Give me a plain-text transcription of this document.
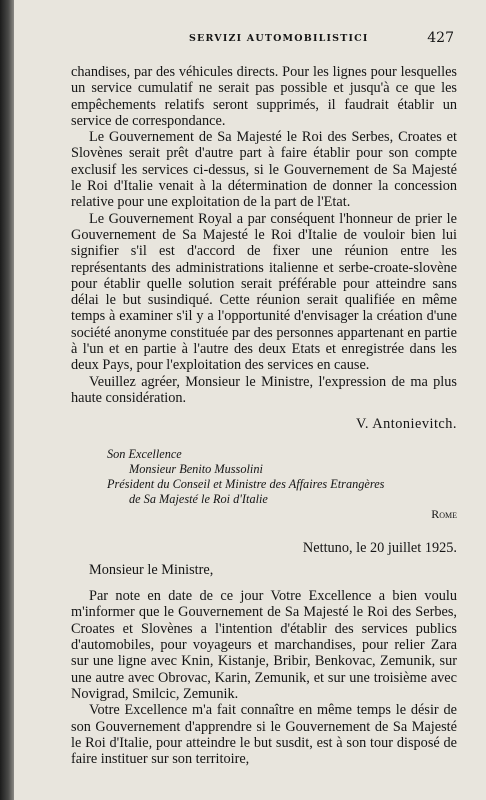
SERVIZI AUTOMOBILISTICI	427

chandises, par des véhicules directs. Pour les lignes pour lesquelles un service cumulatif ne serait pas possible et jusqu'à ce que les empêchements relatifs seront supprimés, il faudrait établir un service de correspondance.

Le Gouvernement de Sa Majesté le Roi des Serbes, Croates et Slovènes serait prêt d'autre part à faire établir pour son compte exclusif les services ci-dessus, si le Gouvernement de Sa Majesté le Roi d'Italie venait à la détermination de donner la concession relative pour une exploitation de la part de l'Etat.

Le Gouvernement Royal a par conséquent l'honneur de prier le Gouvernement de Sa Majesté le Roi d'Italie de vouloir bien lui signifier s'il est d'accord de fixer une réunion entre les représentants des administrations italienne et serbe-croate-slovène pour établir quelle solution serait préférable pour atteindre sans délai le but susindiqué. Cette réunion serait qualifiée en même temps à examiner s'il y a l'opportunité d'envisager la création d'une société anonyme constituée par des personnes appartenant en partie à l'un et en partie à l'autre des deux Etats et enregistrée dans les deux Pays, pour l'exploitation des services en cause.

Veuillez agréer, Monsieur le Ministre, l'expression de ma plus haute considération.

V. Antonievitch.
Son Excellence
Monsieur Benito Mussolini
Président du Conseil et Ministre des Affaires Etrangères
de Sa Majesté le Roi d'Italie
Rome
Nettuno, le 20 juillet 1925.
Monsieur le Ministre,

Par note en date de ce jour Votre Excellence a bien voulu m'informer que le Gouvernement de Sa Majesté le Roi des Serbes, Croates et Slovènes a l'intention d'établir des services publics d'automobiles, pour voyageurs et marchandises, pour relier Zara sur une ligne avec Knin, Kistanje, Bribir, Benkovac, Zemunik, sur une autre avec Obrovac, Karin, Zemunik, et sur une troisième avec Novigrad, Smilcic, Zemunik.

Votre Excellence m'a fait connaître en même temps le désir de son Gouvernement d'apprendre si le Gouvernement de Sa Majesté le Roi d'Italie, pour atteindre le but susdit, est à son tour disposé de faire instituer sur son territoire,
